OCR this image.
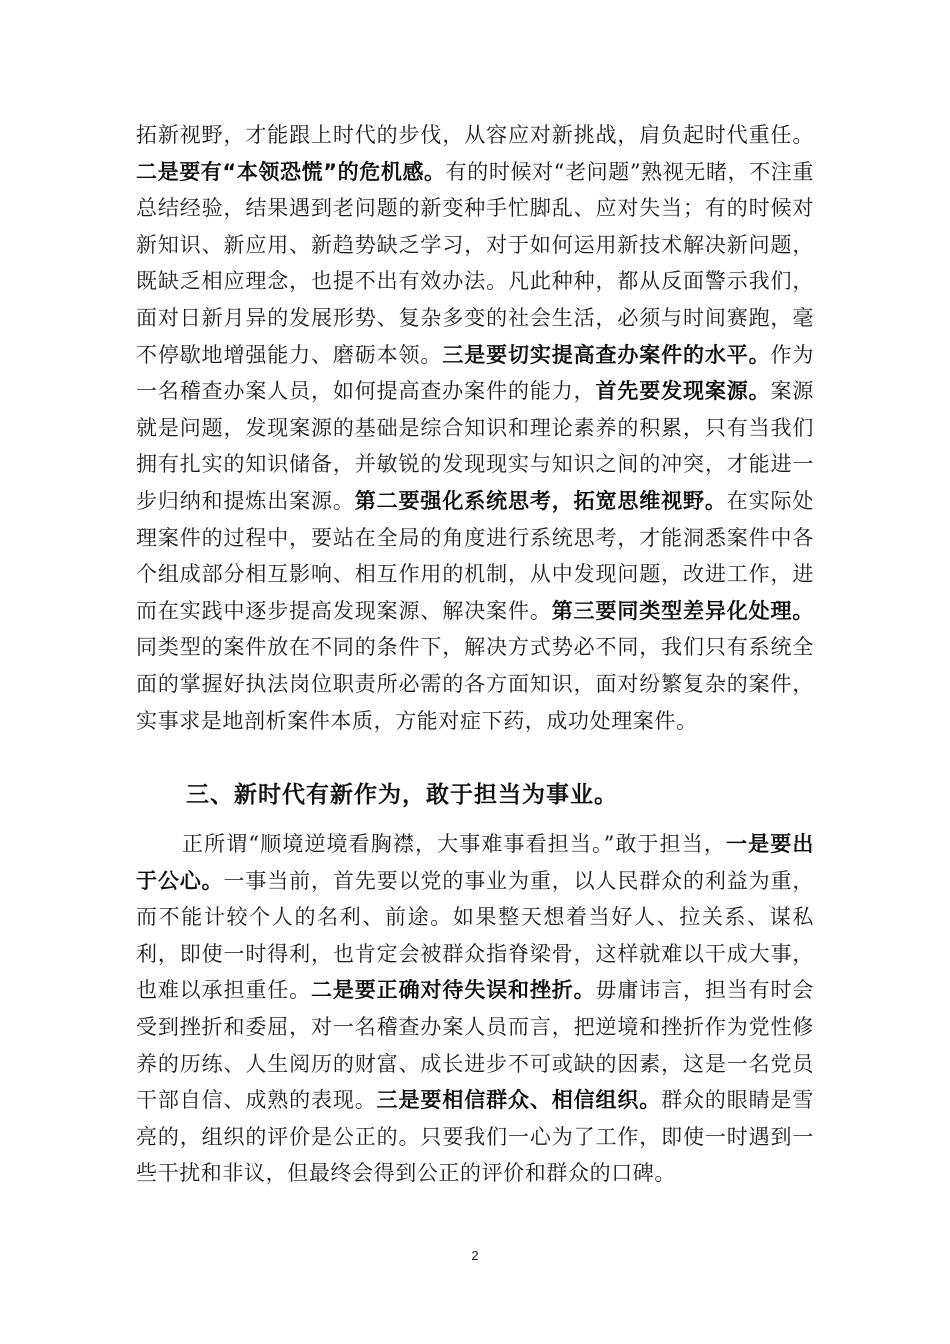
拓新视野，才能跟上时代的步伐，从容应对新挑战，肩负起时代重任。二是要有“本领恐慌”的危机感。有的时候对“老问题”熟视无睹，不注重总结经验，结果遇到老问题的新变种手忙脚乱、应对失当；有的时候对新知识、新应用、新趋势缺乏学习，对于如何运用新技术解决新问题，既缺乏相应理念，也提不出有效办法。凡此种种，都从反面警示我们，面对日新月异的发展形势、复杂多变的社会生活，必须与时间赛跑，毫不停歇地增强能力、磨砺本领。三是要切实提高查办案件的水平。作为一名稽查办案人员，如何提高查办案件的能力，首先要发现案源。案源就是问题，发现案源的基础是综合知识和理论素养的积累，只有当我们拥有扎实的知识储备，并敏锐的发现现实与知识之间的冲突，才能进一步归纳和提炼出案源。第二要强化系统思考，拓宽思维视野。在实际处理案件的过程中，要站在全局的角度进行系统思考，才能洞悉案件中各个组成部分相互影响、相互作用的机制，从中发现问题，改进工作，进而在实践中逐步提高发现案源、解决案件。第三要同类型差异化处理。同类型的案件放在不同的条件下，解决方式势必不同，我们只有系统全面的掌握好执法岗位职责所必需的各方面知识，面对纷繁复杂的案件，实事求是地剖析案件本质，方能对症下药，成功处理案件。
三、新时代有新作为，敢于担当为事业。
正所谓“顺境逆境看胸襟，大事难事看担当。”敢于担当，一是要出于公心。一事当前，首先要以党的事业为重，以人民群众的利益为重，而不能计较个人的名利、前途。如果整天想着当好人、拉关系、谋私利，即使一时得利，也肯定会被群众指脊梁骨，这样就难以干成大事，也难以承担重任。二是要正确对待失误和挫折。毋庸讳言，担当有时会受到挫折和委屈，对一名稽查办案人员而言，把逆境和挫折作为党性修养的历练、人生阅历的财富、成长进步不可或缺的因素，这是一名党员干部自信、成熟的表现。三是要相信群众、相信组织。群众的眼睛是雪亮的，组织的评价是公正的。只要我们一心为了工作，即使一时遇到一些干扰和非议，但最终会得到公正的评价和群众的口碑。
2
